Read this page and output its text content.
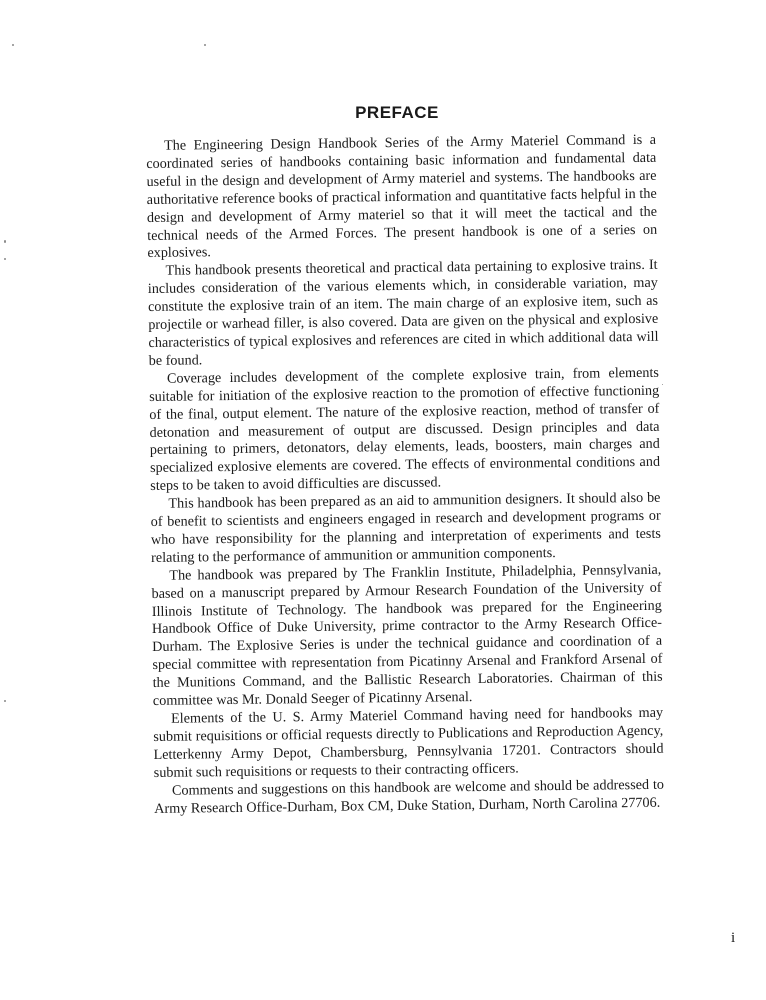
PREFACE

The Engineering Design Handbook Series of the Army Materiel Command is a coordinated series of handbooks containing basic information and fundamental data useful in the design and development of Army materiel and systems. The handbooks are authoritative reference books of practical information and quantitative facts helpful in the design and development of Army materiel so that it will meet the tactical and the technical needs of the Armed Forces. The present handbook is one of a series on explosives.

This handbook presents theoretical and practical data pertaining to explosive trains. It includes consideration of the various elements which, in considerable variation, may constitute the explosive train of an item. The main charge of an explosive item, such as projectile or warhead filler, is also covered. Data are given on the physical and explosive characteristics of typical explosives and references are cited in which additional data will be found.

Coverage includes development of the complete explosive train, from elements suitable for initiation of the explosive reaction to the promotion of effective functioning of the final, output element. The nature of the explosive reaction, method of transfer of detonation and measurement of output are discussed. Design principles and data pertaining to primers, detonators, delay elements, leads, boosters, main charges and specialized explosive elements are covered. The effects of environmental conditions and steps to be taken to avoid difficulties are discussed.

This handbook has been prepared as an aid to ammunition designers. It should also be of benefit to scientists and engineers engaged in research and development programs or who have responsibility for the planning and interpretation of experiments and tests relating to the performance of ammunition or ammunition components.

The handbook was prepared by The Franklin Institute, Philadelphia, Pennsylvania, based on a manuscript prepared by Armour Research Foundation of the University of Illinois Institute of Technology. The handbook was prepared for the Engineering Handbook Office of Duke University, prime contractor to the Army Research Office-Durham. The Explosive Series is under the technical guidance and coordination of a special committee with representation from Picatinny Arsenal and Frankford Arsenal of the Munitions Command, and the Ballistic Research Laboratories. Chairman of this committee was Mr. Donald Seeger of Picatinny Arsenal.

Elements of the U. S. Army Materiel Command having need for handbooks may submit requisitions or official requests directly to Publications and Reproduction Agency, Letterkenny Army Depot, Chambersburg, Pennsylvania 17201. Contractors should submit such requisitions or requests to their contracting officers.

Comments and suggestions on this handbook are welcome and should be addressed to Army Research Office-Durham, Box CM, Duke Station, Durham, North Carolina 27706.

i
